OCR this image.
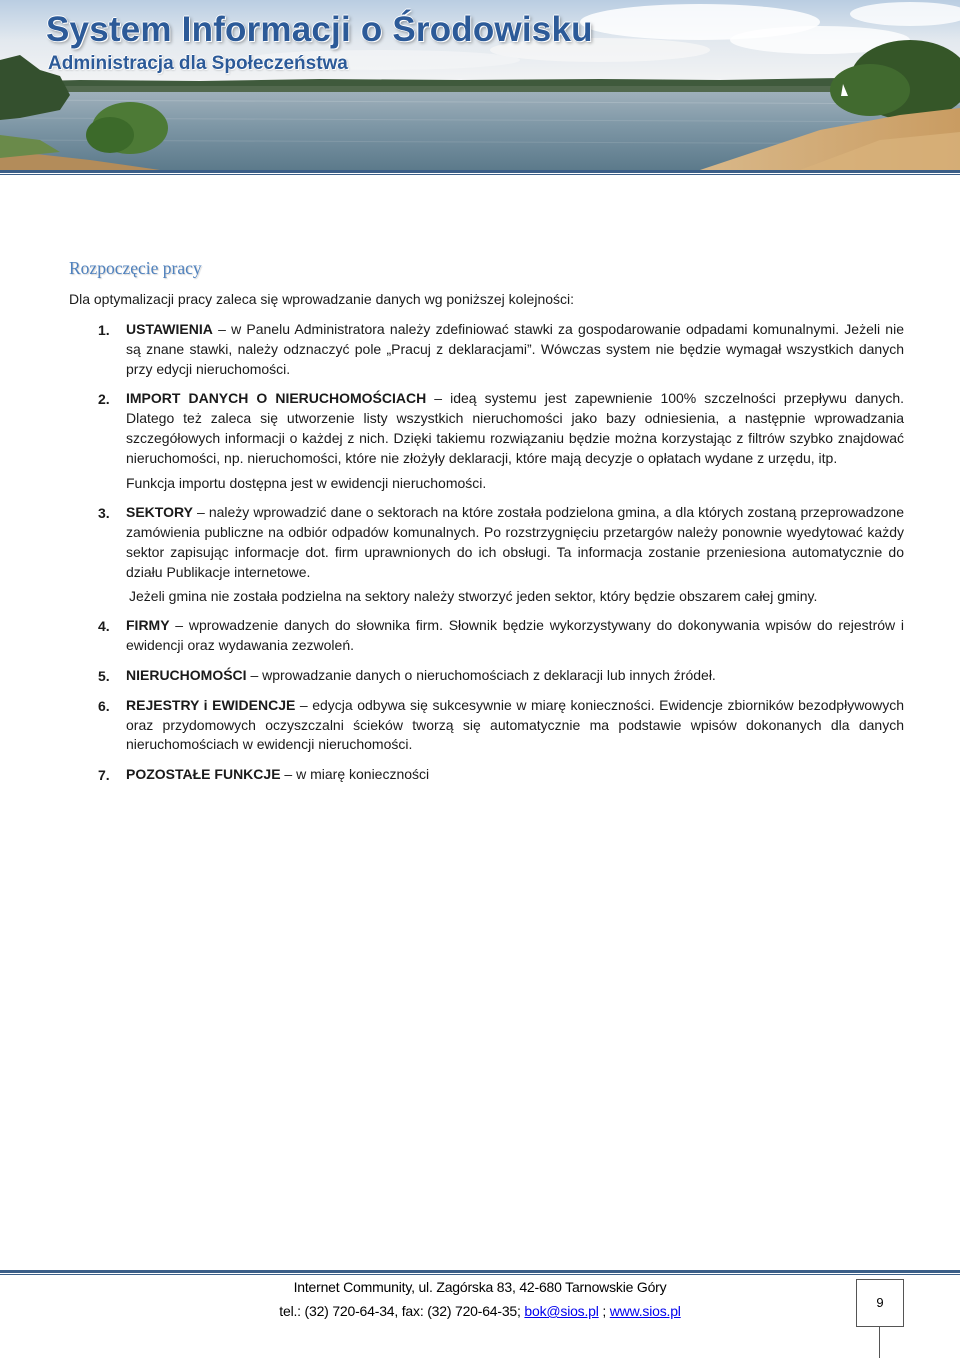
System Informacji o Środowisku
Administracja dla Społeczeństwa
Rozpoczęcie pracy

Dla optymalizacji pracy zaleca się wprowadzanie danych wg poniższej kolejności:

1. USTAWIENIA – w Panelu Administratora należy zdefiniować stawki za gospodarowanie odpadami komunalnymi. Jeżeli nie są znane stawki, należy odznaczyć pole „Pracuj z deklaracjami”. Wówczas system nie będzie wymagał wszystkich danych przy edycji nieruchomości.

2. IMPORT DANYCH O NIERUCHOMOŚCIACH – ideą systemu jest zapewnienie 100% szczelności przepływu danych. Dlatego też zaleca się utworzenie listy wszystkich nieruchomości jako bazy odniesienia, a następnie wprowadzania szczegółowych informacji o każdej z nich. Dzięki takiemu rozwiązaniu będzie można korzystając z filtrów szybko znajdować nieruchomości, np. nieruchomości, które nie złożyły deklaracji, które mają decyzje o opłatach wydane z urzędu, itp.

Funkcja importu dostępna jest w ewidencji nieruchomości.

3. SEKTORY – należy wprowadzić dane o sektorach na które została podzielona gmina, a dla których zostaną przeprowadzone zamówienia publiczne na odbiór odpadów komunalnych. Po rozstrzygnięciu przetargów należy ponownie wyedytować każdy sektor zapisując informacje dot. firm uprawnionych do ich obsługi. Ta informacja zostanie przeniesiona automatycznie do działu Publikacje internetowe.

Jeżeli gmina nie została podzielna na sektory należy stworzyć jeden sektor, który będzie obszarem całej gminy.

4. FIRMY – wprowadzenie danych do słownika firm. Słownik będzie wykorzystywany do dokonywania wpisów do rejestrów i ewidencji oraz wydawania zezwoleń.

5. NIERUCHOMOŚCI – wprowadzanie danych o nieruchomościach z deklaracji lub innych źródeł.

6. REJESTRY i EWIDENCJE – edycja odbywa się sukcesywnie w miarę konieczności. Ewidencje zbiorników bezodpływowych oraz przydomowych oczyszczalni ścieków tworzą się automatycznie ma podstawie wpisów dokonanych dla danych nieruchomościach w ewidencji nieruchomości.

7. POZOSTAŁE FUNKCJE – w miarę konieczności

Internet Community, ul. Zagórska 83, 42-680 Tarnowskie Góry
tel.: (32) 720-64-34, fax: (32) 720-64-35; bok@sios.pl ; www.sios.pl
9
